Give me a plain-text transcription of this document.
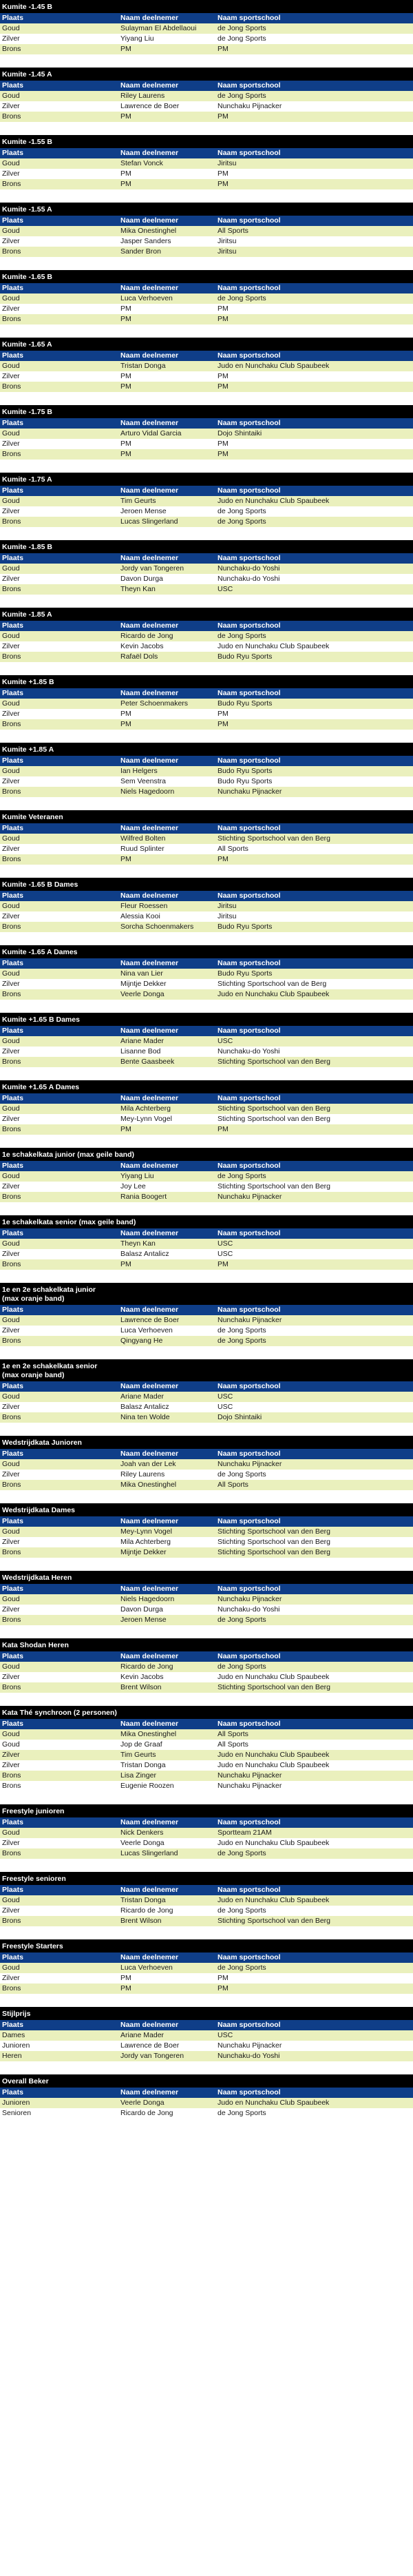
Kumite -1.45 B
Plaats	Naam deelnemer	Naam sportschool
Goud	Sulayman El Abdellaoui	de Jong Sports
Zilver	Yiyang Liu	de Jong Sports
Brons	PM	PM
Kumite -1.45 A
Plaats	Naam deelnemer	Naam sportschool
Goud	Riley Laurens	de Jong Sports
Zilver	Lawrence de Boer	Nunchaku Pijnacker
Brons	PM	PM
Kumite -1.55 B
Plaats	Naam deelnemer	Naam sportschool
Goud	Stefan Vonck	Jiritsu
Zilver	PM	PM
Brons	PM	PM
Kumite -1.55 A
Plaats	Naam deelnemer	Naam sportschool
Goud	Mika Onestinghel	All Sports
Zilver	Jasper Sanders	Jiritsu
Brons	Sander Bron	Jiritsu
Kumite -1.65 B
Plaats	Naam deelnemer	Naam sportschool
Goud	Luca Verhoeven	de Jong Sports
Zilver	PM	PM
Brons	PM	PM
Kumite -1.65 A
Plaats	Naam deelnemer	Naam sportschool
Goud	Tristan Donga	Judo en Nunchaku Club Spaubeek
Zilver	PM	PM
Brons	PM	PM
Kumite -1.75 B
Plaats	Naam deelnemer	Naam sportschool
Goud	Arturo Vidal Garcia	Dojo Shintaiki
Zilver	PM	PM
Brons	PM	PM
Kumite -1.75 A
Plaats	Naam deelnemer	Naam sportschool
Goud	Tim Geurts	Judo en Nunchaku Club Spaubeek
Zilver	Jeroen Mense	de Jong Sports
Brons	Lucas Slingerland	de Jong Sports
Kumite -1.85 B
Plaats	Naam deelnemer	Naam sportschool
Goud	Jordy van Tongeren	Nunchaku-do Yoshi
Zilver	Davon Durga	Nunchaku-do Yoshi
Brons	Theyn Kan	USC
Kumite -1.85 A
Plaats	Naam deelnemer	Naam sportschool
Goud	Ricardo de Jong	de Jong Sports
Zilver	Kevin Jacobs	Judo en Nunchaku Club Spaubeek
Brons	Rafaël Dols	Budo Ryu Sports
Kumite +1.85 B
Plaats	Naam deelnemer	Naam sportschool
Goud	Peter Schoenmakers	Budo Ryu Sports
Zilver	PM	PM
Brons	PM	PM
Kumite +1.85 A
Plaats	Naam deelnemer	Naam sportschool
Goud	Ian Helgers	Budo Ryu Sports
Zilver	Sem Veenstra	Budo Ryu Sports
Brons	Niels Hagedoorn	Nunchaku Pijnacker
Kumite Veteranen
Plaats	Naam deelnemer	Naam sportschool
Goud	Wilfred Bolten	Stichting Sportschool van den Berg
Zilver	Ruud Splinter	All Sports
Brons	PM	PM
Kumite -1.65 B Dames
Plaats	Naam deelnemer	Naam sportschool
Goud	Fleur Roessen	Jiritsu
Zilver	Alessia Kooi	Jiritsu
Brons	Sorcha Schoenmakers	Budo Ryu Sports
Kumite -1.65 A Dames
Plaats	Naam deelnemer	Naam sportschool
Goud	Nina van Lier	Budo Ryu Sports
Zilver	Mijntje Dekker	Stichting Sportschool van de Berg
Brons	Veerle Donga	Judo en Nunchaku Club Spaubeek
Kumite +1.65 B Dames
Plaats	Naam deelnemer	Naam sportschool
Goud	Ariane Mader	USC
Zilver	Lisanne Bod	Nunchaku-do Yoshi
Brons	Bente Gaasbeek	Stichting Sportschool van den Berg
Kumite +1.65 A Dames
Plaats	Naam deelnemer	Naam sportschool
Goud	Mila Achterberg	Stichting Sportschool van den Berg
Zilver	Mey-Lynn Vogel	Stichting Sportschool van den Berg
Brons	PM	PM
1e schakelkata junior (max geile band)
Plaats	Naam deelnemer	Naam sportschool
Goud	Yiyang Liu	de Jong Sports
Zilver	Joy Lee	Stichting Sportschool van den Berg
Brons	Rania Boogert	Nunchaku Pijnacker
1e schakelkata senior (max geile band)
Plaats	Naam deelnemer	Naam sportschool
Goud	Theyn Kan	USC
Zilver	Balasz Antalicz	USC
Brons	PM	PM
1e en 2e schakelkata junior
(max oranje band)
Plaats	Naam deelnemer	Naam sportschool
Goud	Lawrence de Boer	Nunchaku Pijnacker
Zilver	Luca Verhoeven	de Jong Sports
Brons	Qingyang He	de Jong Sports
1e en 2e schakelkata senior
(max oranje band)
Plaats	Naam deelnemer	Naam sportschool
Goud	Ariane Mader	USC
Zilver	Balasz Antalicz	USC
Brons	Nina ten Wolde	Dojo Shintaiki
Wedstrijdkata Junioren
Plaats	Naam deelnemer	Naam sportschool
Goud	Joah van der Lek	Nunchaku Pijnacker
Zilver	Riley Laurens	de Jong Sports
Brons	Mika Onestinghel	All Sports
Wedstrijdkata Dames
Plaats	Naam deelnemer	Naam sportschool
Goud	Mey-Lynn Vogel	Stichting Sportschool van den Berg
Zilver	Mila Achterberg	Stichting Sportschool van den Berg
Brons	Mijntje Dekker	Stichting Sportschool van den Berg
Wedstrijdkata Heren
Plaats	Naam deelnemer	Naam sportschool
Goud	Niels Hagedoorn	Nunchaku Pijnacker
Zilver	Davon Durga	Nunchaku-do Yoshi
Brons	Jeroen Mense	de Jong Sports
Kata Shodan Heren
Plaats	Naam deelnemer	Naam sportschool
Goud	Ricardo de Jong	de Jong Sports
Zilver	Kevin Jacobs	Judo en Nunchaku Club Spaubeek
Brons	Brent Wilson	Stichting Sportschool van den Berg
Kata Thé synchroon (2 personen)
Plaats	Naam deelnemer	Naam sportschool
Goud	Mika Onestinghel	All Sports
Goud	Jop de Graaf	All Sports
Zilver	Tim Geurts	Judo en Nunchaku Club Spaubeek
Zilver	Tristan Donga	Judo en Nunchaku Club Spaubeek
Brons	Lisa Zinger	Nunchaku Pijnacker
Brons	Eugenie Roozen	Nunchaku Pijnacker
Freestyle junioren
Plaats	Naam deelnemer	Naam sportschool
Goud	Nick Denkers	Sportteam 21AM
Zilver	Veerle Donga	Judo en Nunchaku Club Spaubeek
Brons	Lucas Slingerland	de Jong Sports
Freestyle senioren
Plaats	Naam deelnemer	Naam sportschool
Goud	Tristan Donga	Judo en Nunchaku Club Spaubeek
Zilver	Ricardo de Jong	de Jong Sports
Brons	Brent Wilson	Stichting Sportschool van den Berg
Freestyle Starters
Plaats	Naam deelnemer	Naam sportschool
Goud	Luca Verhoeven	de Jong Sports
Zilver	PM	PM
Brons	PM	PM
Stijlprijs
Plaats	Naam deelnemer	Naam sportschool
Dames	Ariane Mader	USC
Junioren	Lawrence de Boer	Nunchaku Pijnacker
Heren	Jordy van Tongeren	Nunchaku-do Yoshi
Overall Beker
Plaats	Naam deelnemer	Naam sportschool
Junioren	Veerle Donga	Judo en Nunchaku Club Spaubeek
Senioren	Ricardo de Jong	de Jong Sports
